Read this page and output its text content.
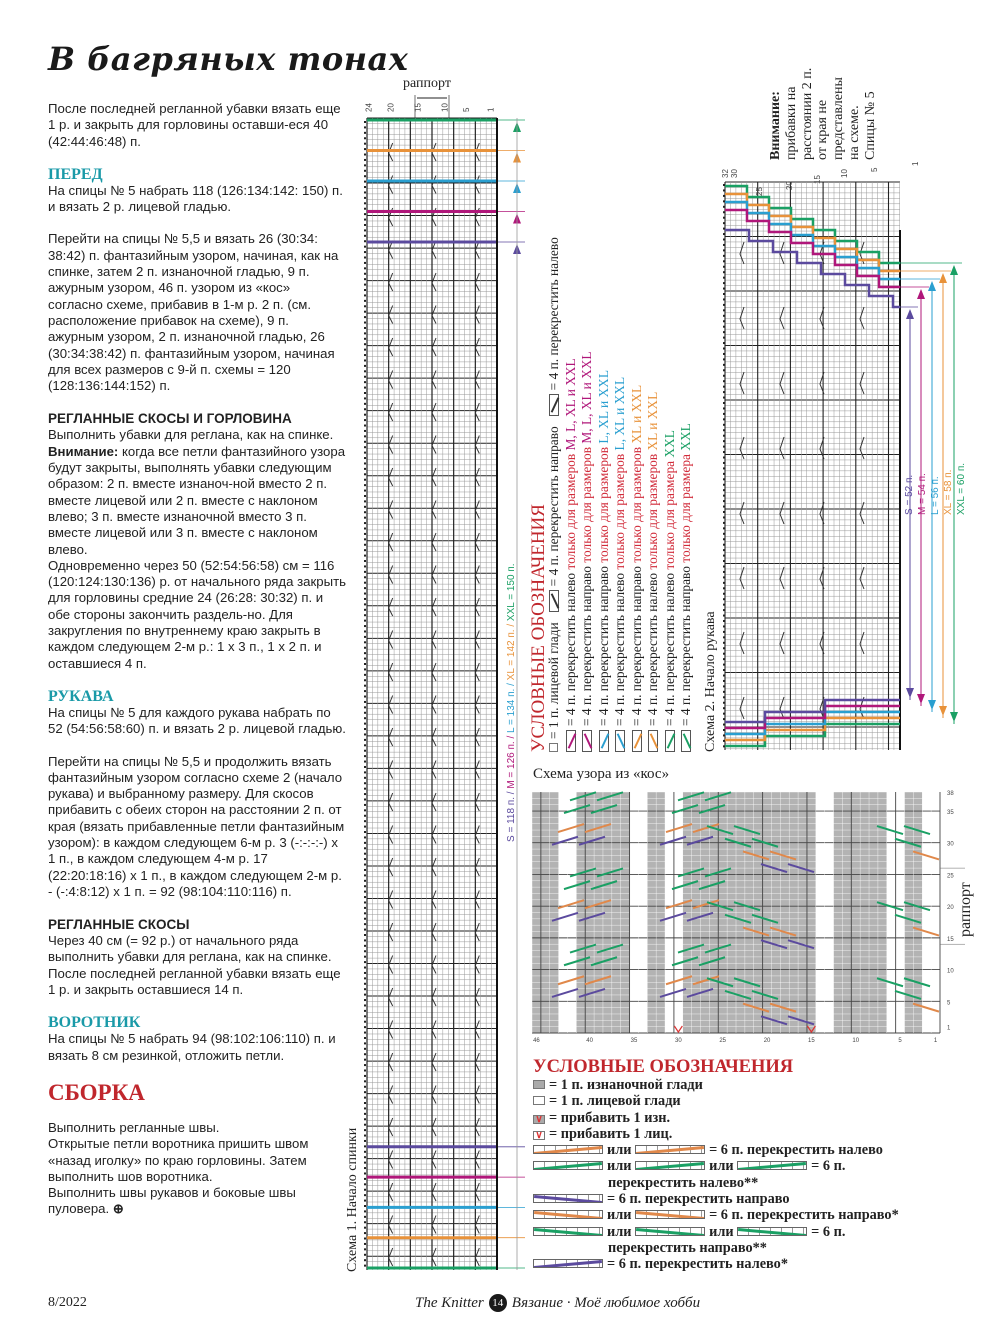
В багряных тонах

После последней регланной убавки вязать еще 1 р. и закрыть для горловины оставши-еся 40 (42:44:46:48) п.

ПЕРЕД

На спицы № 5 набрать 118 (126:134:142: 150) п. и вязать 2 р. лицевой гладью.

Перейти на спицы № 5,5 и вязать 26 (30:34: 38:42) п. фантазийным узором, начиная, как на спинке, затем 2 п. изнаночной гладью, 9 п. ажурным узором, 46 п. узором из «кос» согласно схеме, прибавив в 1-м р. 2 п. (см. расположение прибавок на схеме), 9 п. ажурным узором, 2 п. изнаночной гладью, 26 (30:34:38:42) п. фантазийным узором, начиная для всех размеров с 9-й п. схемы = 120 (128:136:144:152) п.

РЕГЛАННЫЕ СКОСЫ И ГОРЛОВИНА

Выполнить убавки для реглана, как на спинке.

Внимание: когда все петли фантазийного узора будут закрыты, выполнять убавки следующим образом: 2 п. вместе изнаноч-ной вместо 2 п. вместе лицевой или 2 п. вместе с наклоном влево; 3 п. вместе изнаночной вместо 3 п. вместе лицевой или 3 п. вместе с наклоном влево.

Одновременно через 50 (52:54:56:58) см = 116 (120:124:130:136) р. от начального ряда закрыть для горловины средние 24 (26:28: 30:32) п. и обе стороны закончить раздель-но. Для закругления по внутреннему краю закрыть в каждом следующем 2-м р.: 1 х 3 п., 1 х 2 п. и оставшиеся 4 п.

РУКАВА

На спицы № 5 для каждого рукава набрать по 52 (54:56:58:60) п. и вязать 2 р. лицевой гладью.

Перейти на спицы № 5,5 и продолжить вязать фантазийным узором согласно схеме 2 (начало рукава) и выбранному размеру. Для скосов прибавить с обеих сторон на расстоянии 2 п. от края (вязать прибавленные петли фантазийным узором): в каждом следующем 6-м р. 3 (-:-:-:-) х 1 п., в каждом следующем 4-м р. 17 (22:20:18:16) х 1 п., в каждом следующем 2-м р. - (-:4:8:12) х 1 п. = 92 (98:104:110:116) п.

РЕГЛАННЫЕ СКОСЫ

Через 40 см (= 92 р.) от начального ряда выполнить убавки для реглана, как на спинке.

После последней регланной убавки вязать еще 1 р. и закрыть оставшиеся 14 п.

ВОРОТНИК

На спицы № 5 набрать 94 (98:102:106:110) п. и вязать 8 см резинкой, отложить петли.

СБОРКА

Выполнить регланные швы.

Открытые петли воротника пришить швом «назад иголку» по краю горловины. Затем выполнить шов воротника.

Выполнить швы рукавов и боковые швы пуловера. ⊕

раппорт
24 20 15 10 5 1
Схема 1. Начало спинки
S = 118 п. / M = 126 п. / L = 134 п. / XL = 142 п. / XXL = 150 п. УСЛОВНЫЕ ОБОЗНАЧЕНИЯ
= 1 п. лицевой глади
= 4 п. перекрестить направо
= 4 п. перекрестить налево
= 4 п. перекрестить налево только для размеров M, L, XL и XXL
= 4 п. перекрестить направо только для размеров M, L, XL и XXL
= 4 п. перекрестить направо только для размеров L, XL и XXL
= 4 п. перекрестить налево только для размеров L, XL и XXL
= 4 п. перекрестить направо только для размеров XL и XXL
= 4 п. перекрестить налево только для размеров XL и XXL
= 4 п. перекрестить налево только для размера XXL
= 4 п. перекрестить направо только для размера XXL
Внимание: прибавки на расстоянии 2 п. от края не представлены на схеме. Спицы № 5
32 30
25
20
15
10	5
1
Схема 2. Начало рукава
S = 52 п. M = 54 п. L = 56 п. XL = 58 п. XXL = 60 п.
Схема узора из «кос»
38
35
30
25
20
15
10
5
1
46	40	35	30	25	20	15	10	5	1
раппорт
УСЛОВНЫЕ ОБОЗНАЧЕНИЯ
= 1 п. изнаночной глади
= 1 п. лицевой глади
∨ = прибавить 1 изн.
∨ = прибавить 1 лиц.
или	= 6 п. перекрестить налево
или	или	= 6 п.
перекрестить налево**
= 6 п. перекрестить направо
или	= 6 п. перекрестить направо*
или	или	= 6 п.
перекрестить направо**
= 6 п. перекрестить налево*
8/2022	The Knitter 14 Вязание · Моё любимое хобби
